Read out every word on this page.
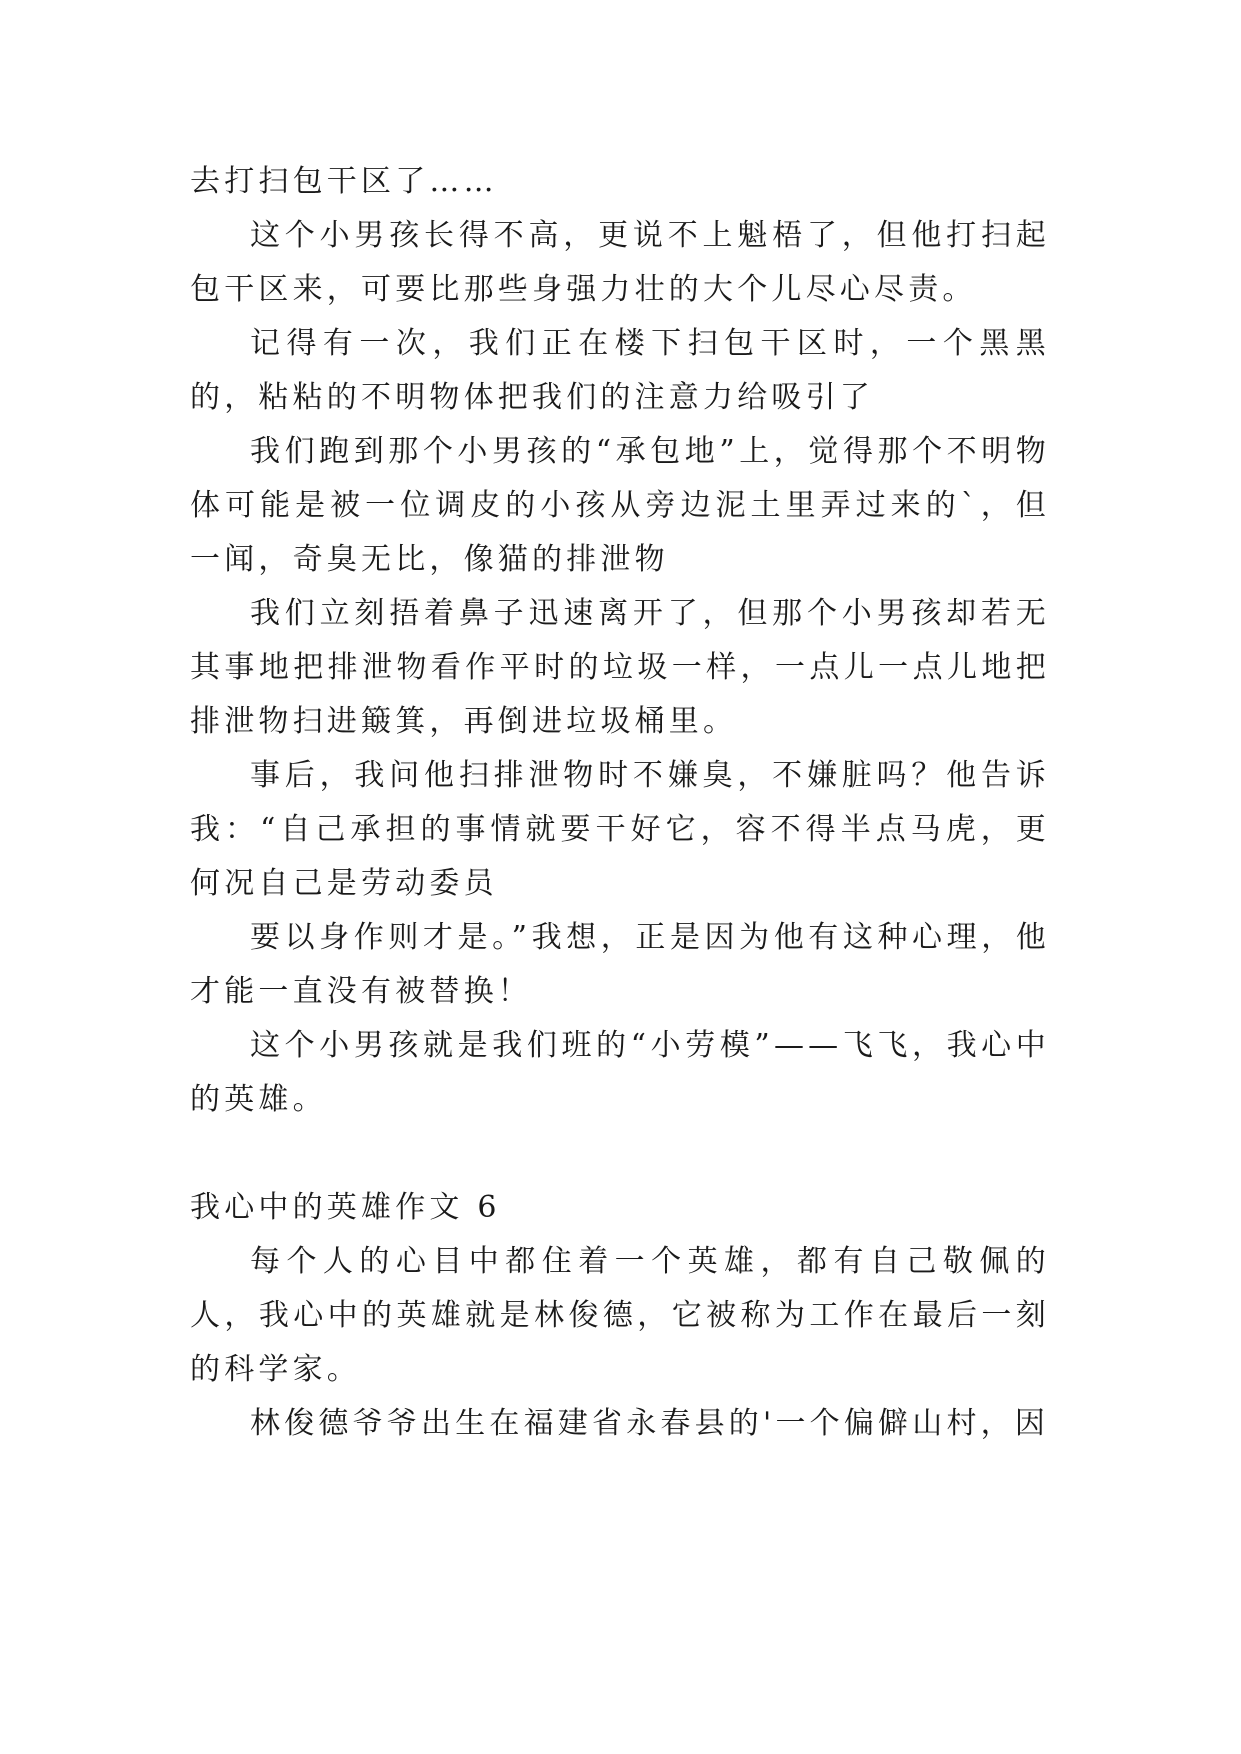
去打扫包干区了……

这个小男孩长得不高，更说不上魁梧了，但他打扫起包干区来，可要比那些身强力壮的大个儿尽心尽责。

记得有一次，我们正在楼下扫包干区时，一个黑黑的，粘粘的不明物体把我们的注意力给吸引了

我们跑到那个小男孩的“承包地”上，觉得那个不明物体可能是被一位调皮的小孩从旁边泥土里弄过来的`，但一闻，奇臭无比，像猫的排泄物

我们立刻捂着鼻子迅速离开了，但那个小男孩却若无其事地把排泄物看作平时的垃圾一样，一点儿一点儿地把排泄物扫进簸箕，再倒进垃圾桶里。

事后，我问他扫排泄物时不嫌臭，不嫌脏吗？他告诉我：“自己承担的事情就要干好它，容不得半点马虎，更何况自己是劳动委员

要以身作则才是。”我想，正是因为他有这种心理，他才能一直没有被替换！

这个小男孩就是我们班的“小劳模”——飞飞，我心中的英雄。

我心中的英雄作文 6

每个人的心目中都住着一个英雄，都有自己敬佩的人，我心中的英雄就是林俊德，它被称为工作在最后一刻的科学家。

林俊德爷爷出生在福建省永春县的'一个偏僻山村，因
